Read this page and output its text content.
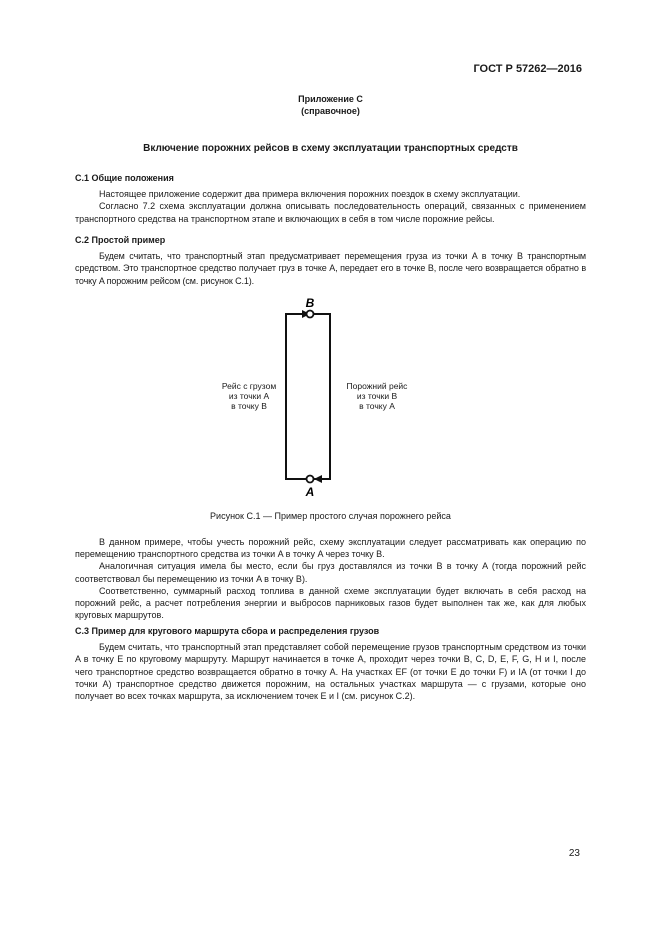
ГОСТ Р 57262—2016
Приложение С
(справочное)
Включение порожних рейсов в схему эксплуатации транспортных средств
С.1 Общие положения

Настоящее приложение содержит два примера включения порожних поездок в схему эксплуатации.

Согласно 7.2 схема эксплуатации должна описывать последовательность операций, связанных с применением транспортного средства на транспортном этапе и включающих в себя в том числе порожние рейсы.

С.2 Простой пример

Будем считать, что транспортный этап предусматривает перемещения груза из точки A в точку B транспортным средством. Это транспортное средство получает груз в точке A, передает его в точке B, после чего возвращается обратно в точку A порожним рейсом (см. рисунок С.1).

B
A
Рейс с грузом
из точки A
в точку B
Порожний рейс
из точки B
в точку A
Рисунок С.1 — Пример простого случая порожнего рейса

В данном примере, чтобы учесть порожний рейс, схему эксплуатации следует рассматривать как операцию по перемещению транспортного средства из точки A в точку A через точку B.

Аналогичная ситуация имела бы место, если бы груз доставлялся из точки B в точку A (тогда порожний рейс соответствовал бы перемещению из точки A в точку B).

Соответственно, суммарный расход топлива в данной схеме эксплуатации будет включать в себя расход на порожний рейс, а расчет потребления энергии и выбросов парниковых газов будет выполнен так же, как для любых круговых маршрутов.

С.3 Пример для кругового маршрута сбора и распределения грузов

Будем считать, что транспортный этап представляет собой перемещение грузов транспортным средством из точки A в точку E по круговому маршруту. Маршрут начинается в точке A, проходит через точки B, C, D, E, F, G, H и I, после чего транспортное средство возвращается обратно в точку A. На участках EF (от точки E до точки F) и IA (от точки I до точки A) транспортное средство движется порожним, на остальных участках маршрута — с грузами, которые оно получает во всех точках маршрута, за исключением точек E и I (см. рисунок С.2).

23
